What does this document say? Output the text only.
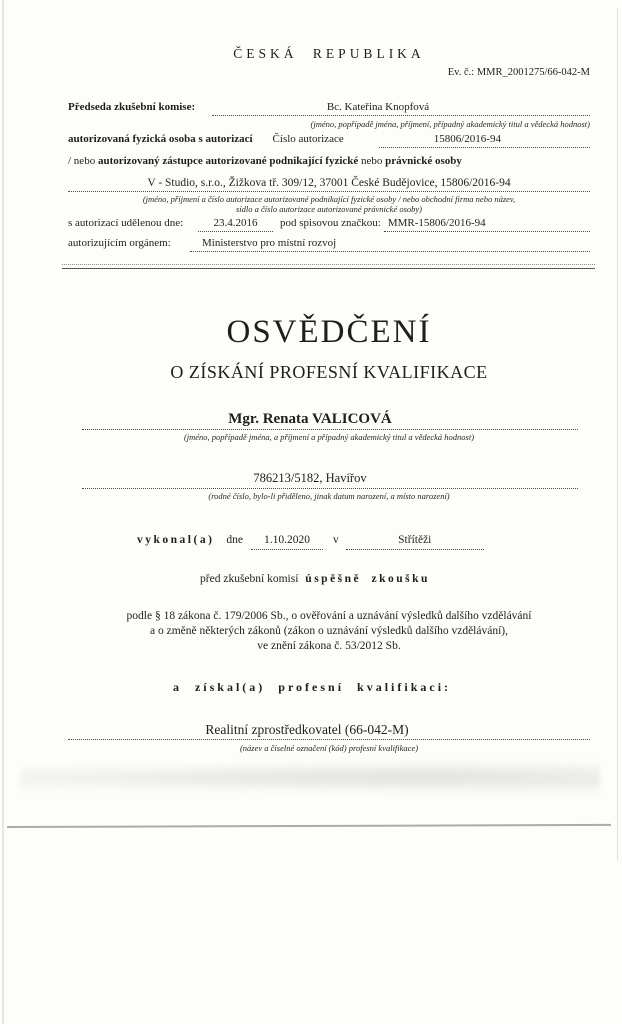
ČESKÁ REPUBLIKA
Ev. č.: MMR_2001275/66-042-M
Předseda zkušební komise:	Bc. Kateřina Knopfová
(jméno, popřípadě jména, příjmení, případný akademický titul a vědecká hodnost)
autorizovaná fyzická osoba s autorizací Číslo autorizace	15806/2016-94
/ nebo autorizovaný zástupce autorizované podnikající fyzické nebo právnické osoby
V - Studio, s.r.o., Žižkova tř. 309/12, 37001 České Budějovice, 15806/2016-94
(jméno, příjmení a číslo autorizace autorizované podnikající fyzické osoby / nebo obchodní firma nebo název,
sídlo a číslo autorizace autorizované právnické osoby)
s autorizací udělenou dne:	23.4.2016	pod spisovou značkou: MMR-15806/2016-94
autorizujícím orgánem:	Ministerstvo pro místní rozvoj
OSVĚDČENÍ
O ZÍSKÁNÍ PROFESNÍ KVALIFIKACE
Mgr. Renata VALICOVÁ
(jméno, popřípadě jména, a příjmení a případný akademický titul a vědecká hodnost)
786213/5182, Havířov
(rodné číslo, bylo-li přiděleno, jinak datum narození, a místo narození)
vykonal(a) dne	1.10.2020	v	Střítěži
před zkušební komisí úspěšně zkoušku
podle § 18 zákona č. 179/2006 Sb., o ověřování a uznávání výsledků dalšího vzdělávání
a o změně některých zákonů (zákon o uznávání výsledků dalšího vzdělávání),
ve znění zákona č. 53/2012 Sb.
a získal(a) profesní kvalifikaci:
Realitní zprostředkovatel (66-042-M)
(název a číselné označení (kód) profesní kvalifikace)
